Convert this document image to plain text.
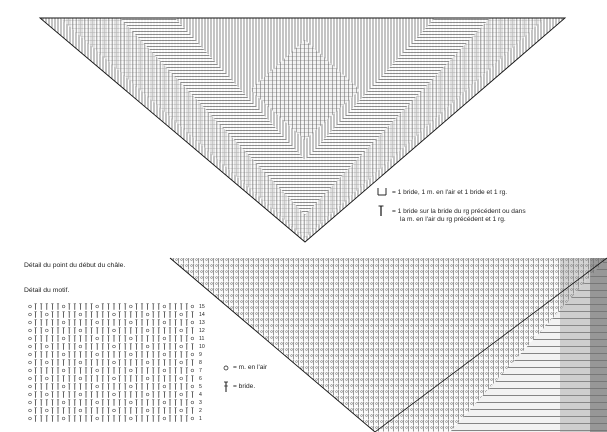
= 1 bride, 1 m. en l'air et 1 bride et 1 rg.
= 1 bride sur la bride du rg précédent ou dans
la m. en l'air du rg précédent et 1 rg.
Détail du point du début du châle.
Détail du motif.
= m. en l'air
= bride.
15
14
13
12
11
10
9
8
7
6
5
4
3
2
1
